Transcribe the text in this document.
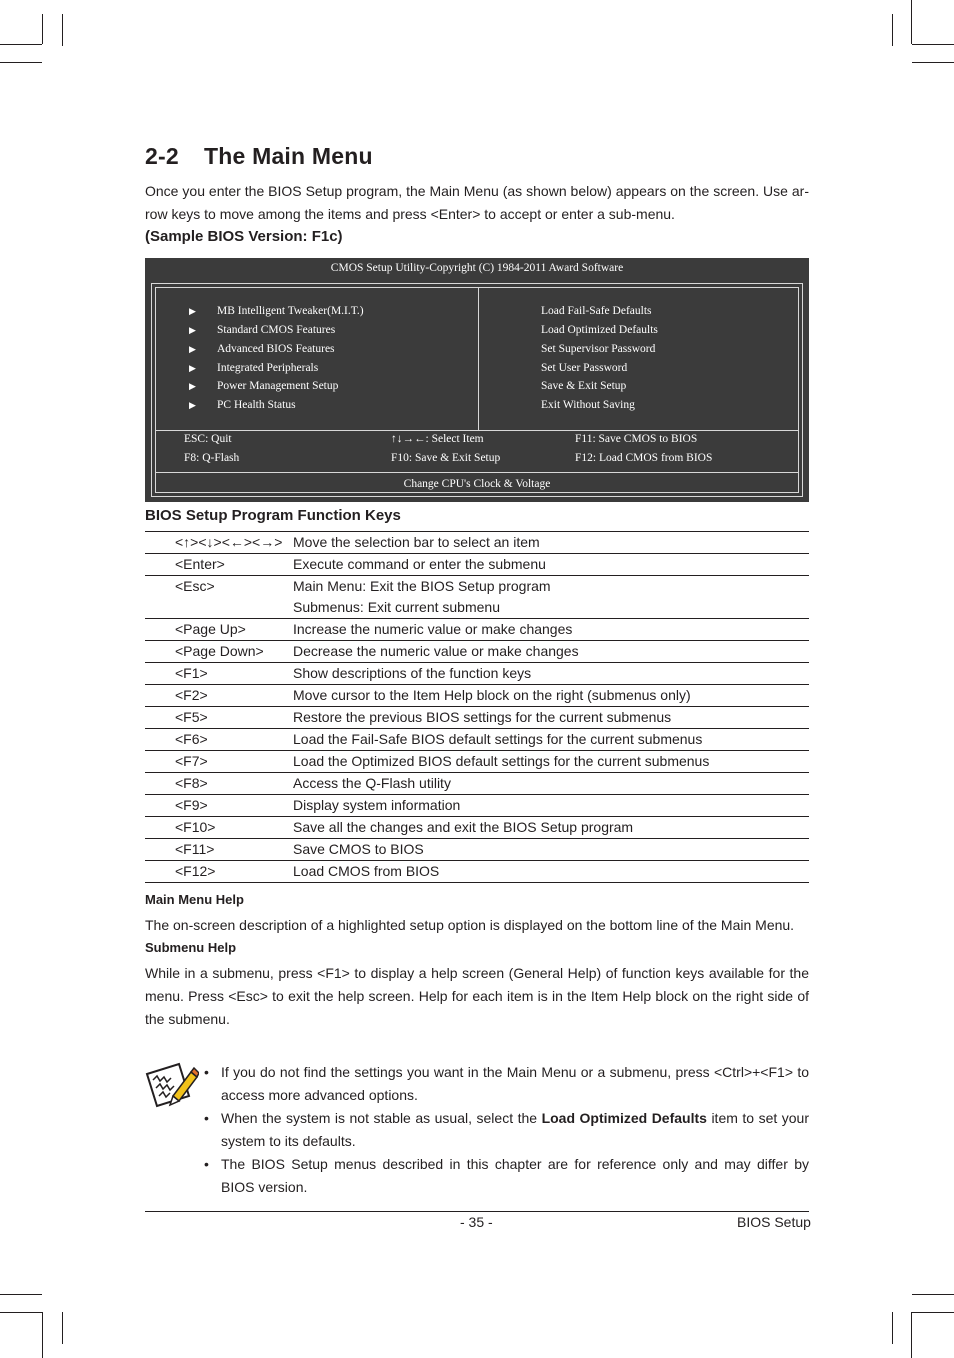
2-2 The Main Menu
Once you enter the BIOS Setup program, the Main Menu (as shown below) appears on the screen. Use ar-row keys to move among the items and press <Enter> to accept or enter a sub-menu.
(Sample BIOS Version: F1c)
CMOS Setup Utility-Copyright (C) 1984-2011 Award Software
▶ MB Intelligent Tweaker(M.I.T.)
▶ Standard CMOS Features
▶ Advanced BIOS Features
▶ Integrated Peripherals
▶ Power Management Setup
▶ PC Health Status
Load Fail-Safe Defaults
Load Optimized Defaults
Set Supervisor Password
Set User Password
Save & Exit Setup
Exit Without Saving
ESC: Quit	↑↓→←: Select Item	F11: Save CMOS to BIOS
F8: Q-Flash	F10: Save & Exit Setup	F12: Load CMOS from BIOS
Change CPU's Clock & Voltage
BIOS Setup Program Function Keys
<↑><↓><←><→> Move the selection bar to select an item
<Enter>	Execute command or enter the submenu
<Esc>	Main Menu: Exit the BIOS Setup program
Submenus: Exit current submenu
<Page Up>	Increase the numeric value or make changes
<Page Down> Decrease the numeric value or make changes
<F1>	Show descriptions of the function keys
<F2>	Move cursor to the Item Help block on the right (submenus only)
<F5>	Restore the previous BIOS settings for the current submenus
<F6>	Load the Fail-Safe BIOS default settings for the current submenus
<F7>	Load the Optimized BIOS default settings for the current submenus
<F8>	Access the Q-Flash utility
<F9>	Display system information
<F10>	Save all the changes and exit the BIOS Setup program
<F11>	Save CMOS to BIOS
<F12>	Load CMOS from BIOS
Main Menu Help
The on-screen description of a highlighted setup option is displayed on the bottom line of the Main Menu.
Submenu Help
While in a submenu, press <F1> to display a help screen (General Help) of function keys available for the menu. Press <Esc> to exit the help screen. Help for each item is in the Item Help block on the right side of the submenu.
• If you do not find the settings you want in the Main Menu or a submenu, press <Ctrl>+<F1> to access more advanced options.
• When the system is not stable as usual, select the Load Optimized Defaults item to set your system to its defaults.
• The BIOS Setup menus described in this chapter are for reference only and may differ by BIOS version.
- 35 -	BIOS Setup
